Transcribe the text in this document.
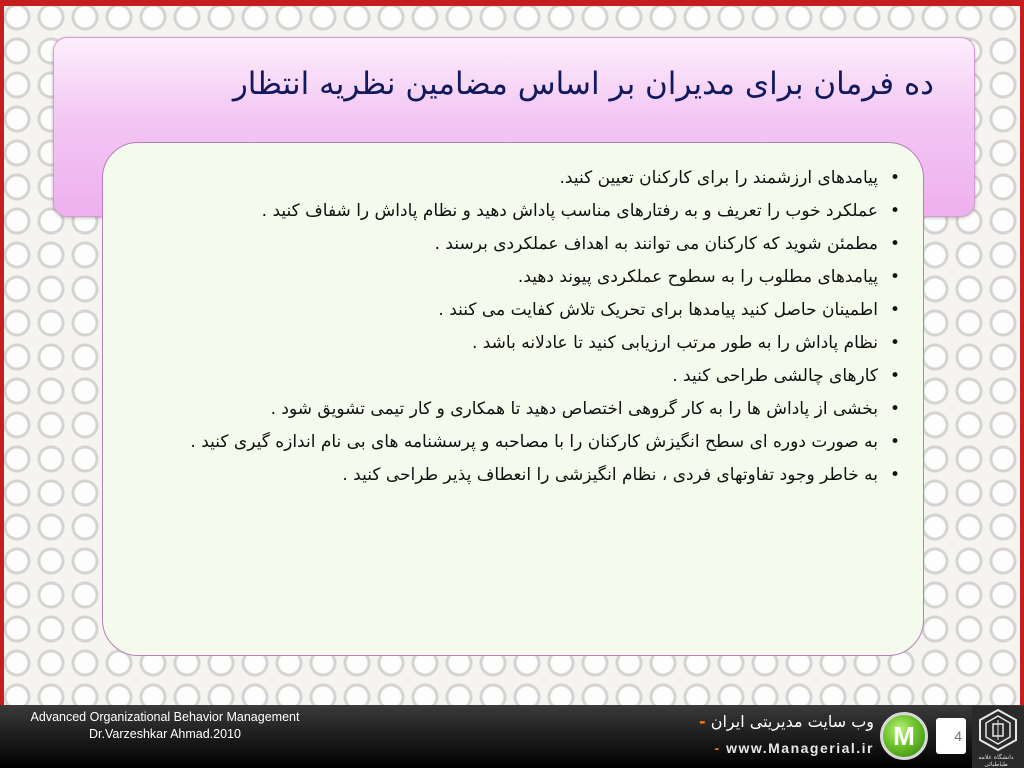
ده فرمان برای مدیران بر اساس مضامین نظریه انتظار
•
پیامدهای ارزشمند را برای کارکنان تعیین کنید.
•
عملکرد خوب را تعریف و به رفتارهای مناسب پاداش دهید و نظام پاداش را شفاف کنید .
•
مطمئن شوید که کارکنان می توانند به اهداف عملکردی برسند .
•
پیامدهای مطلوب را به سطوح عملکردی پیوند دهید.
•
اطمینان حاصل کنید پیامدها برای تحریک تلاش کفایت می کنند .
•
نظام پاداش را به طور مرتب ارزیابی کنید تا عادلانه باشد .
•
کارهای چالشی طراحی کنید .
•
بخشی از پاداش ها را به کار گروهی اختصاص دهید تا همکاری و کار تیمی تشویق شود .
•
به صورت دوره ای سطح انگیزش کارکنان را با مصاحبه و پرسشنامه های بی نام اندازه گیری کنید .
•
به خاطر وجود تفاوتهای فردی ، نظام انگیزشی را انعطاف پذیر طراحی کنید .
Advanced Organizational Behavior Management
Dr.Varzeshkar Ahmad.2010
وب سایت مدیریتی ایران -
- www.Managerial.ir M	4
دانشگاه علامه طباطبائی
